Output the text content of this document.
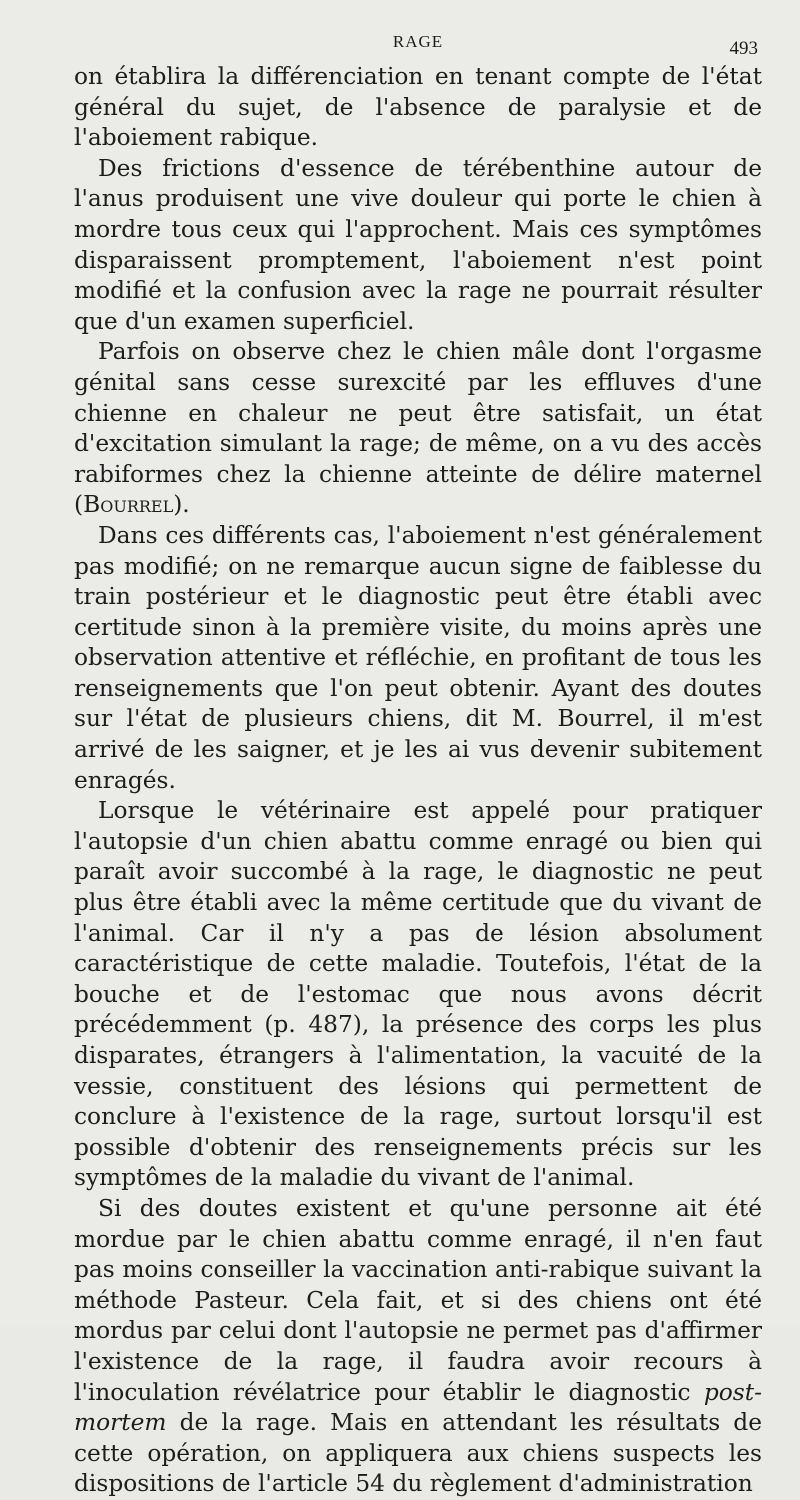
RAGE	493

on établira la différenciation en tenant compte de l'état général du sujet, de l'absence de paralysie et de l'aboiement rabique.

Des frictions d'essence de térébenthine autour de l'anus produisent une vive douleur qui porte le chien à mordre tous ceux qui l'approchent. Mais ces symptômes disparaissent promptement, l'aboiement n'est point modifié et la confusion avec la rage ne pourrait résulter que d'un examen superficiel.

Parfois on observe chez le chien mâle dont l'orgasme génital sans cesse surexcité par les effluves d'une chienne en chaleur ne peut être satisfait, un état d'excitation simulant la rage; de même, on a vu des accès rabiformes chez la chienne atteinte de délire maternel (Bourrel).

Dans ces différents cas, l'aboiement n'est généralement pas modifié; on ne remarque aucun signe de faiblesse du train postérieur et le diagnostic peut être établi avec certitude sinon à la première visite, du moins après une observation attentive et réfléchie, en profitant de tous les renseignements que l'on peut obtenir. Ayant des doutes sur l'état de plusieurs chiens, dit M. Bourrel, il m'est arrivé de les saigner, et je les ai vus devenir subitement enragés.

Lorsque le vétérinaire est appelé pour pratiquer l'autopsie d'un chien abattu comme enragé ou bien qui paraît avoir succombé à la rage, le diagnostic ne peut plus être établi avec la même certitude que du vivant de l'animal. Car il n'y a pas de lésion absolument caractéristique de cette maladie. Toutefois, l'état de la bouche et de l'estomac que nous avons décrit précédemment (p. 487), la présence des corps les plus disparates, étrangers à l'alimentation, la vacuité de la vessie, constituent des lésions qui permettent de conclure à l'existence de la rage, surtout lorsqu'il est possible d'obtenir des renseignements précis sur les symptômes de la maladie du vivant de l'animal.

Si des doutes existent et qu'une personne ait été mordue par le chien abattu comme enragé, il n'en faut pas moins conseiller la vaccination anti-rabique suivant la méthode Pasteur. Cela fait, et si des chiens ont été mordus par celui dont l'autopsie ne permet pas d'affirmer l'existence de la rage, il faudra avoir recours à l'inoculation révélatrice pour établir le diagnostic post-mortem de la rage. Mais en attendant les résultats de cette opération, on appliquera aux chiens suspects les dispositions de l'article 54 du règlement d'administration
